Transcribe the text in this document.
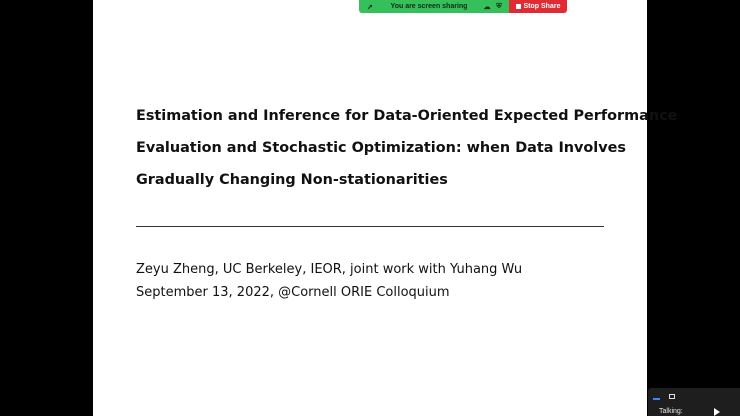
Estimation and Inference for Data-Oriented Expected Performance
Evaluation and Stochastic Optimization: when Data Involves
Gradually Changing Non-stationarities
Zeyu Zheng, UC Berkeley, IEOR, joint work with Yuhang Wu
September 13, 2022, @Cornell ORIE Colloquium
➚	You are screen sharing	☁ ⛨	Stop Share
Talking:
